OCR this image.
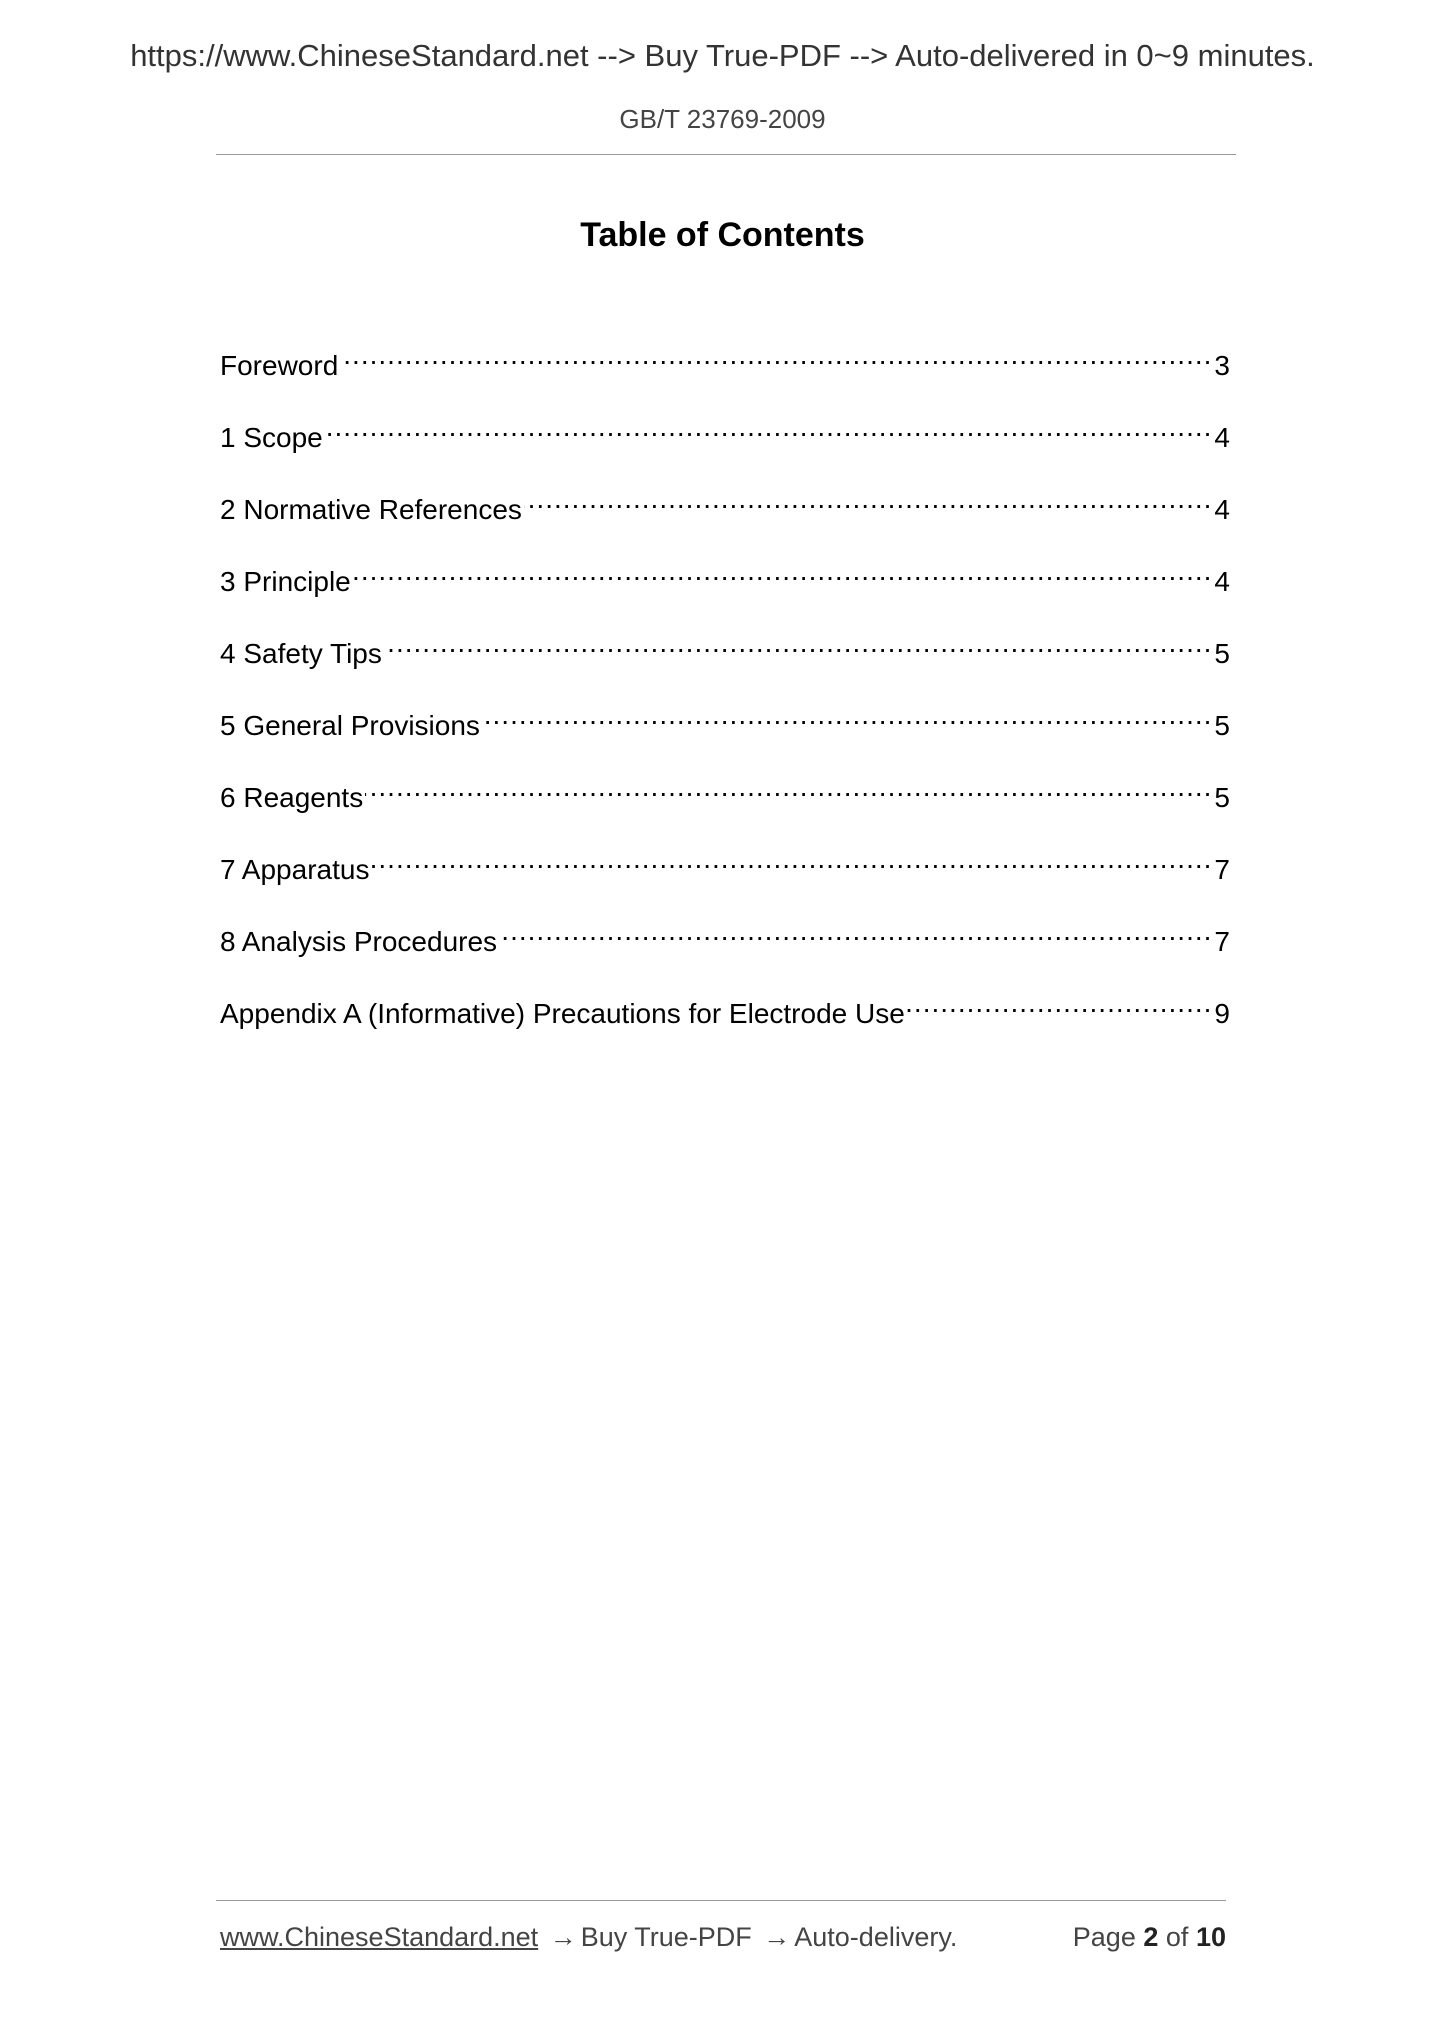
https://www.ChineseStandard.net --> Buy True-PDF --> Auto-delivered in 0~9 minutes.
GB/T 23769-2009
Table of Contents
Foreword .....	3
1 Scope .....	4
2 Normative References .....	4
3 Principle .....	4
4 Safety Tips .....	5
5 General Provisions .....	5
6 Reagents .....	5
7 Apparatus .....	7
8 Analysis Procedures .....	7
Appendix A (Informative) Precautions for Electrode Use .....	9
www.ChineseStandard.net → Buy True-PDF → Auto-delivery.	Page 2 of 10
